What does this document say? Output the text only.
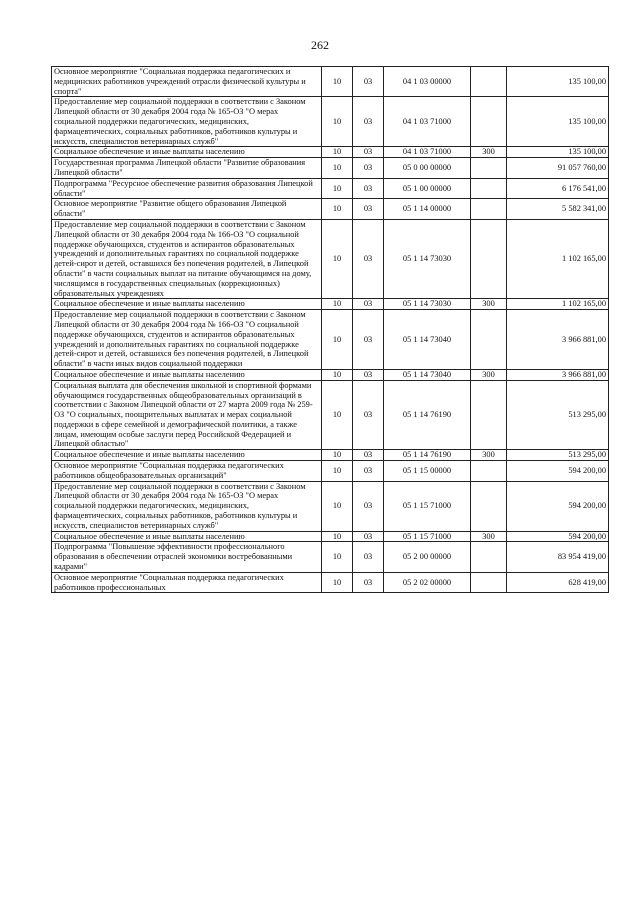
262
Основное мероприятие "Социальная поддержка педагогических и медицинских работников учреждений отрасли физической культуры и спорта"	10	03	04 1 03 00000		135 100,00
Предоставление мер социальной поддержки в соответствии с Законом Липецкой области от 30 декабря 2004 года № 165-ОЗ "О мерах социальной поддержки педагогических, медицинских, фармацевтических, социальных работников, работников культуры и искусств, специалистов ветеринарных служб"	10	03	04 1 03 71000		135 100,00
Социальное обеспечение и иные выплаты населению	10	03	04 1 03 71000	300	135 100,00
Государственная программа Липецкой области "Развитие образования Липецкой области"	10	03	05 0 00 00000		91 057 760,00
Подпрограмма "Ресурсное обеспечение развития образования Липецкой области"	10	03	05 1 00 00000		6 176 541,00
Основное мероприятие "Развитие общего образования Липецкой области"	10	03	05 1 14 00000		5 582 341,00
Предоставление мер социальной поддержки в соответствии с Законом Липецкой области от 30 декабря 2004 года № 166-ОЗ "О социальной поддержке обучающихся, студентов и аспирантов образовательных учреждений и дополнительных гарантиях по социальной поддержке детей-сирот и детей, оставшихся без попечения родителей, в Липецкой области" в части социальных выплат на питание обучающимся на дому, числящимся в государственных специальных (коррекционных) образовательных учреждениях	10	03	05 1 14 73030		1 102 165,00
Социальное обеспечение и иные выплаты населению	10	03	05 1 14 73030	300	1 102 165,00
Предоставление мер социальной поддержки в соответствии с Законом Липецкой области от 30 декабря 2004 года № 166-ОЗ "О социальной поддержке обучающихся, студентов и аспирантов образовательных учреждений и дополнительных гарантиях по социальной поддержке детей-сирот и детей, оставшихся без попечения родителей, в Липецкой области" в части иных видов социальной поддержки	10	03	05 1 14 73040		3 966 881,00
Социальное обеспечение и иные выплаты населению	10	03	05 1 14 73040	300	3 966 881,00
Социальная выплата для обеспечения школьной и спортивной формами обучающимся государственных общеобразовательных организаций в соответствии с Законом Липецкой области от 27 марта 2009 года № 259-ОЗ "О социальных, поощрительных выплатах и мерах социальной поддержки в сфере семейной и демографической политики, а также лицам, имеющим особые заслуги перед Российской Федерацией и Липецкой областью"	10	03	05 1 14 76190		513 295,00
Социальное обеспечение и иные выплаты населению	10	03	05 1 14 76190	300	513 295,00
Основное мероприятие "Социальная поддержка педагогических работников общеобразовательных организаций"	10	03	05 1 15 00000		594 200,00
Предоставление мер социальной поддержки в соответствии с Законом Липецкой области от 30 декабря 2004 года № 165-ОЗ "О мерах социальной поддержки педагогических, медицинских, фармацевтических, социальных работников, работников культуры и искусств, специалистов ветеринарных служб"	10	03	05 1 15 71000		594 200,00
Социальное обеспечение и иные выплаты населению	10	03	05 1 15 71000	300	594 200,00
Подпрограмма "Повышение эффективности профессионального образования в обеспечении отраслей экономики востребованными кадрами"	10	03	05 2 00 00000		83 954 419,00
Основное мероприятие "Социальная поддержка педагогических работников профессиональных	10	03	05 2 02 00000		628 419,00
